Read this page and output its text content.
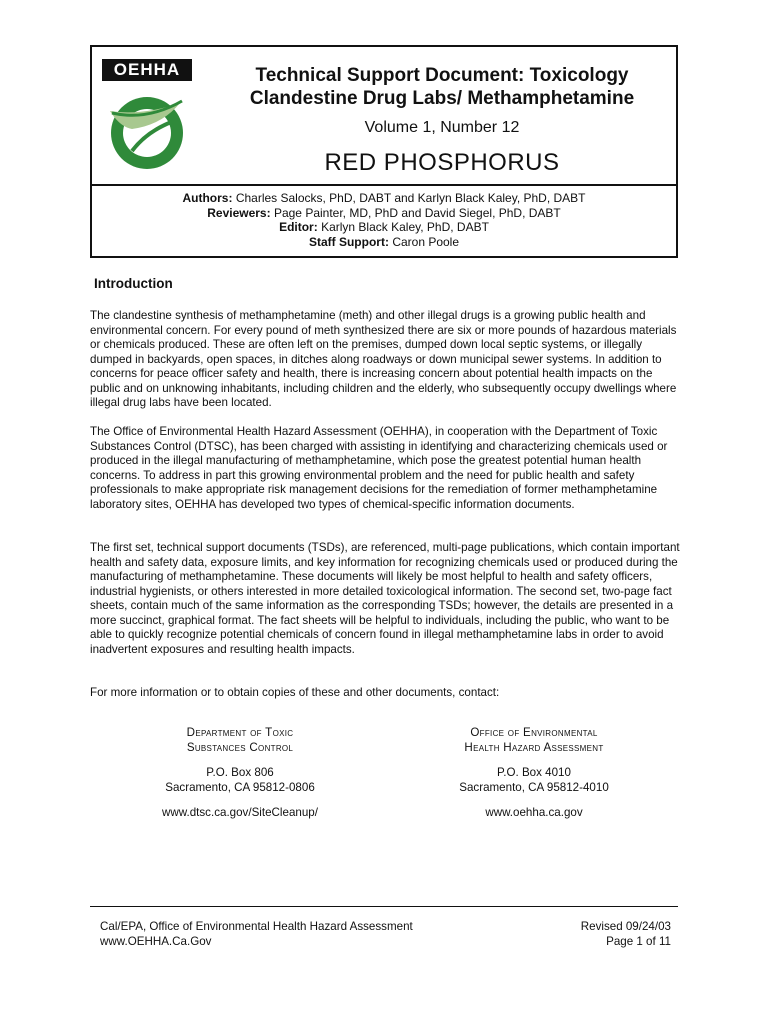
OEHHA	Technical Support Document: Toxicology
Clandestine Drug Labs/ Methamphetamine
Volume 1, Number 12
RED PHOSPHORUS
Authors: Charles Salocks, PhD, DABT and Karlyn Black Kaley, PhD, DABT
Reviewers: Page Painter, MD, PhD and David Siegel, PhD, DABT
Editor: Karlyn Black Kaley, PhD, DABT
Staff Support: Caron Poole
Introduction

The clandestine synthesis of methamphetamine (meth) and other illegal drugs is a growing public health and environmental concern. For every pound of meth synthesized there are six or more pounds of hazardous materials or chemicals produced. These are often left on the premises, dumped down local septic systems, or illegally dumped in backyards, open spaces, in ditches along roadways or down municipal sewer systems. In addition to concerns for peace officer safety and health, there is increasing concern about potential health impacts on the public and on unknowing inhabitants, including children and the elderly, who subsequently occupy dwellings where illegal drug labs have been located.

The Office of Environmental Health Hazard Assessment (OEHHA), in cooperation with the Department of Toxic Substances Control (DTSC), has been charged with assisting in identifying and characterizing chemicals used or produced in the illegal manufacturing of methamphetamine, which pose the greatest potential human health concerns. To address in part this growing environmental problem and the need for public health and safety professionals to make appropriate risk management decisions for the remediation of former methamphetamine laboratory sites, OEHHA has developed two types of chemical-specific information documents.

The first set, technical support documents (TSDs), are referenced, multi-page publications, which contain important health and safety data, exposure limits, and key information for recognizing chemicals used or produced during the manufacturing of methamphetamine. These documents will likely be most helpful to health and safety officers, industrial hygienists, or others interested in more detailed toxicological information. The second set, two-page fact sheets, contain much of the same information as the corresponding TSDs; however, the details are presented in a more succinct, graphical format. The fact sheets will be helpful to individuals, including the public, who want to be able to quickly recognize potential chemicals of concern found in illegal methamphetamine labs in order to avoid inadvertent exposures and resulting health impacts.

For more information or to obtain copies of these and other documents, contact:

Department of Toxic
Substances Control
P.O. Box 806
Sacramento, CA 95812-0806
www.dtsc.ca.gov/SiteCleanup/
Office of Environmental
Health Hazard Assessment
P.O. Box 4010
Sacramento, CA 95812-4010
www.oehha.ca.gov
Cal/EPA, Office of Environmental Health Hazard Assessment
www.OEHHA.Ca.Gov
Revised 09/24/03
Page 1 of 11
